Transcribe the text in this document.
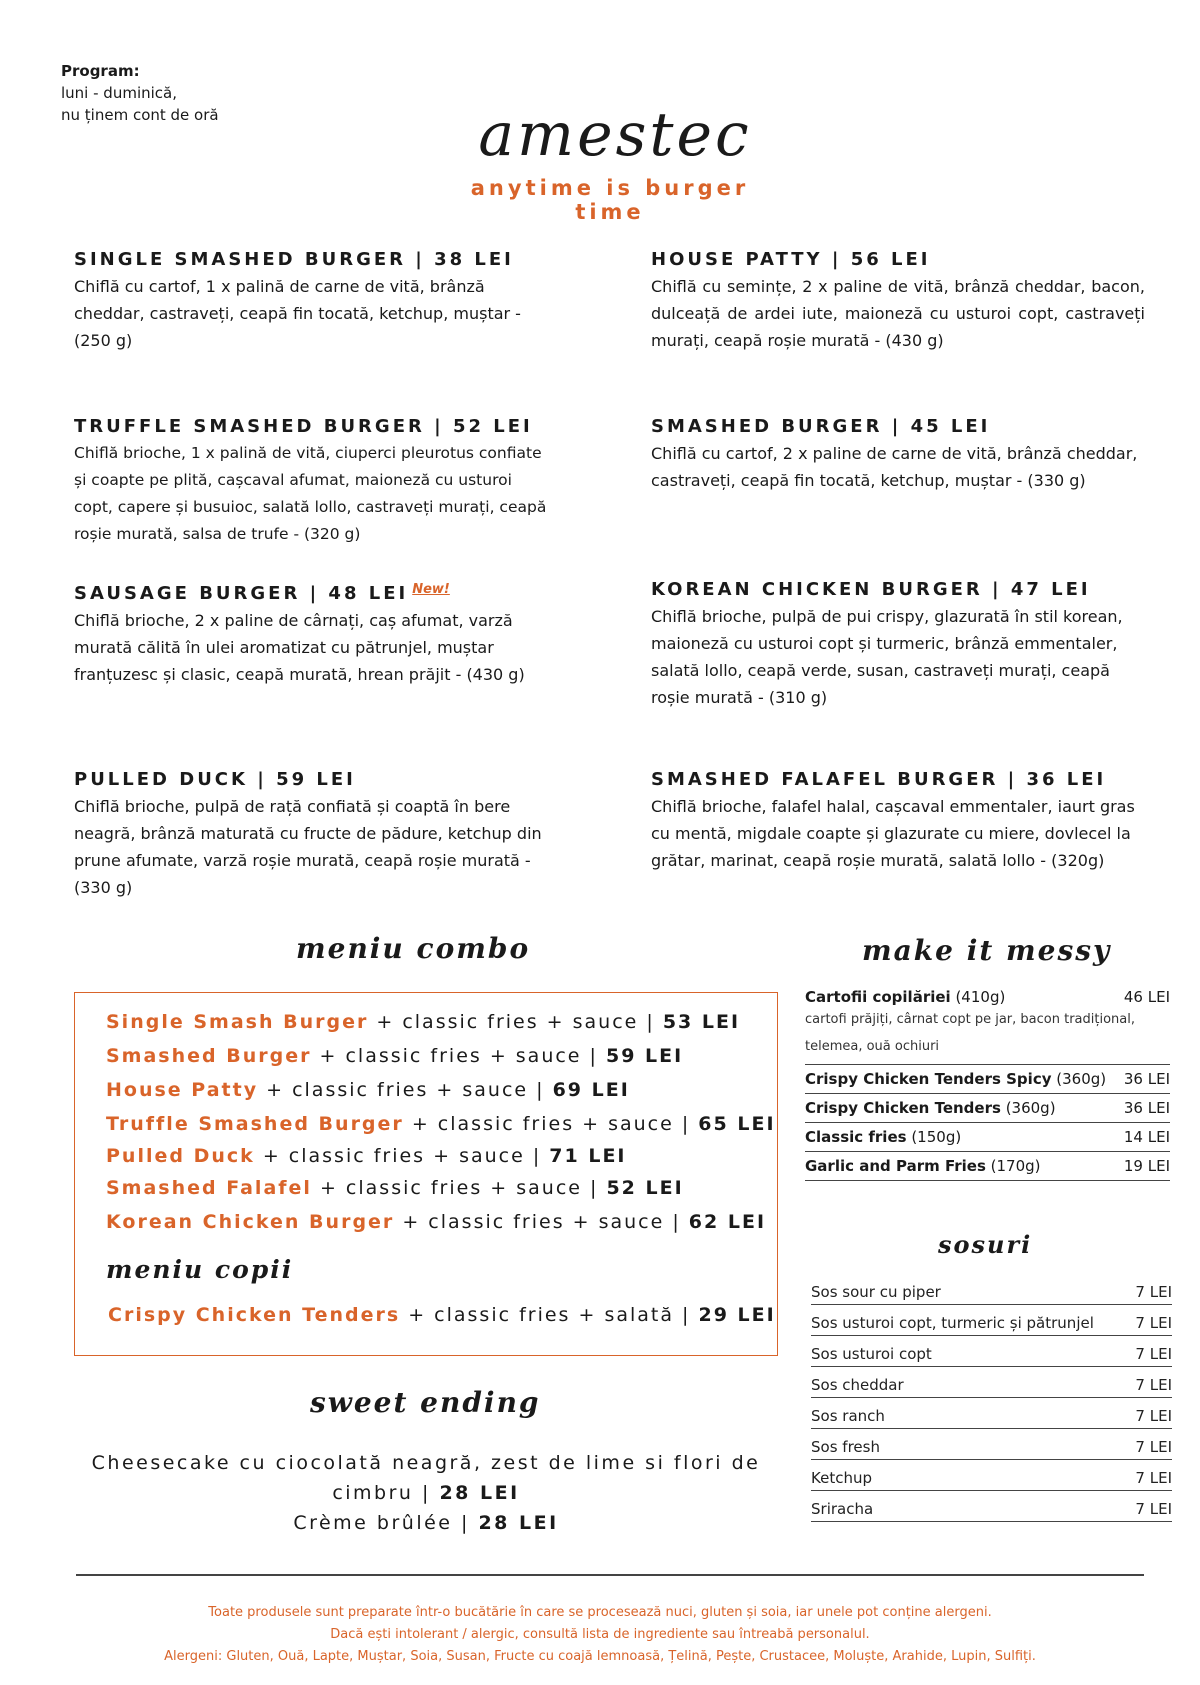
Program:
luni - duminică,
nu ținem cont de oră	amestec
anytime is burger time
SINGLE SMASHED BURGER | 38 LEI
Chiflă cu cartof, 1 x palină de carne de vită, brânză cheddar, castraveți, ceapă fin tocată, ketchup, muștar - (250 g)
HOUSE PATTY | 56 LEI
Chiflă cu semințe, 2 x paline de vită, brânză cheddar, bacon, dulceață de ardei iute, maioneză cu usturoi copt, castraveți murați, ceapă roșie murată - (430 g)
TRUFFLE SMASHED BURGER | 52 LEI
Chiflă brioche, 1 x palină de vită, ciuperci pleurotus confiate și coapte pe plită, cașcaval afumat, maioneză cu usturoi copt, capere și busuioc, salată lollo, castraveți murați, ceapă roșie murată, salsa de trufe - (320 g)
SMASHED BURGER | 45 LEI
Chiflă cu cartof, 2 x paline de carne de vită, brânză cheddar, castraveți, ceapă fin tocată, ketchup, muștar - (330 g)
SAUSAGE BURGER | 48 LEI $^{New!}$
Chiflă brioche, 2 x paline de cârnați, caș afumat, varză murată călită în ulei aromatizat cu pătrunjel, muștar franțuzesc și clasic, ceapă murată, hrean prăjit - (430 g)
KOREAN CHICKEN BURGER | 47 LEI
Chiflă brioche, pulpă de pui crispy, glazurată în stil korean, maioneză cu usturoi copt și turmeric, brânză emmentaler, salată lollo, ceapă verde, susan, castraveți murați, ceapă roșie murată - (310 g)
PULLED DUCK | 59 LEI
Chiflă brioche, pulpă de rață confiată și coaptă în bere neagră, brânză maturată cu fructe de pădure, ketchup din prune afumate, varză roșie murată, ceapă roșie murată - (330 g)
SMASHED FALAFEL BURGER | 36 LEI
Chiflă brioche, falafel halal, cașcaval emmentaler, iaurt gras cu mentă, migdale coapte și glazurate cu miere, dovlecel la grătar, marinat, ceapă roșie murată, salată lollo - (320g)
meniu combo
Single Smash Burger + classic fries + sauce | 53 LEI
Smashed Burger + classic fries + sauce | 59 LEI
House Patty + classic fries + sauce | 69 LEI
Truffle Smashed Burger + classic fries + sauce | 65 LEI
Pulled Duck + classic fries + sauce | 71 LEI
Smashed Falafel + classic fries + sauce | 52 LEI
Korean Chicken Burger + classic fries + sauce | 62 LEI
meniu copii
Crispy Chicken Tenders + classic fries + salată | 29 LEI
make it messy
Cartofii copilăriei (410g)	46 LEI
cartofi prăjiți, cârnat copt pe jar, bacon tradițional,
telemea, ouă ochiuri
Crispy Chicken Tenders Spicy (360g) 36 LEI
Crispy Chicken Tenders (360g)	36 LEI
Classic fries (150g)	14 LEI
Garlic and Parm Fries (170g)	19 LEI
sosuri
Sos sour cu piper	7 LEI
Sos usturoi copt, turmeric și pătrunjel	7 LEI
Sos usturoi copt	7 LEI
Sos cheddar	7 LEI
Sos ranch	7 LEI
Sos fresh	7 LEI
Ketchup	7 LEI
Sriracha	7 LEI
sweet ending
Cheesecake cu ciocolată neagră, zest de lime si flori de cimbru | 28 LEI
Crème brûlée | 28 LEI
Toate produsele sunt preparate într-o bucătărie în care se procesează nuci, gluten și soia, iar unele pot conține alergeni.
Dacă ești intolerant / alergic, consultă lista de ingrediente sau întreabă personalul.
Alergeni: Gluten, Ouă, Lapte, Muștar, Soia, Susan, Fructe cu coajă lemnoasă, Țelină, Pește, Crustacee, Moluște, Arahide, Lupin, Sulfiți.
